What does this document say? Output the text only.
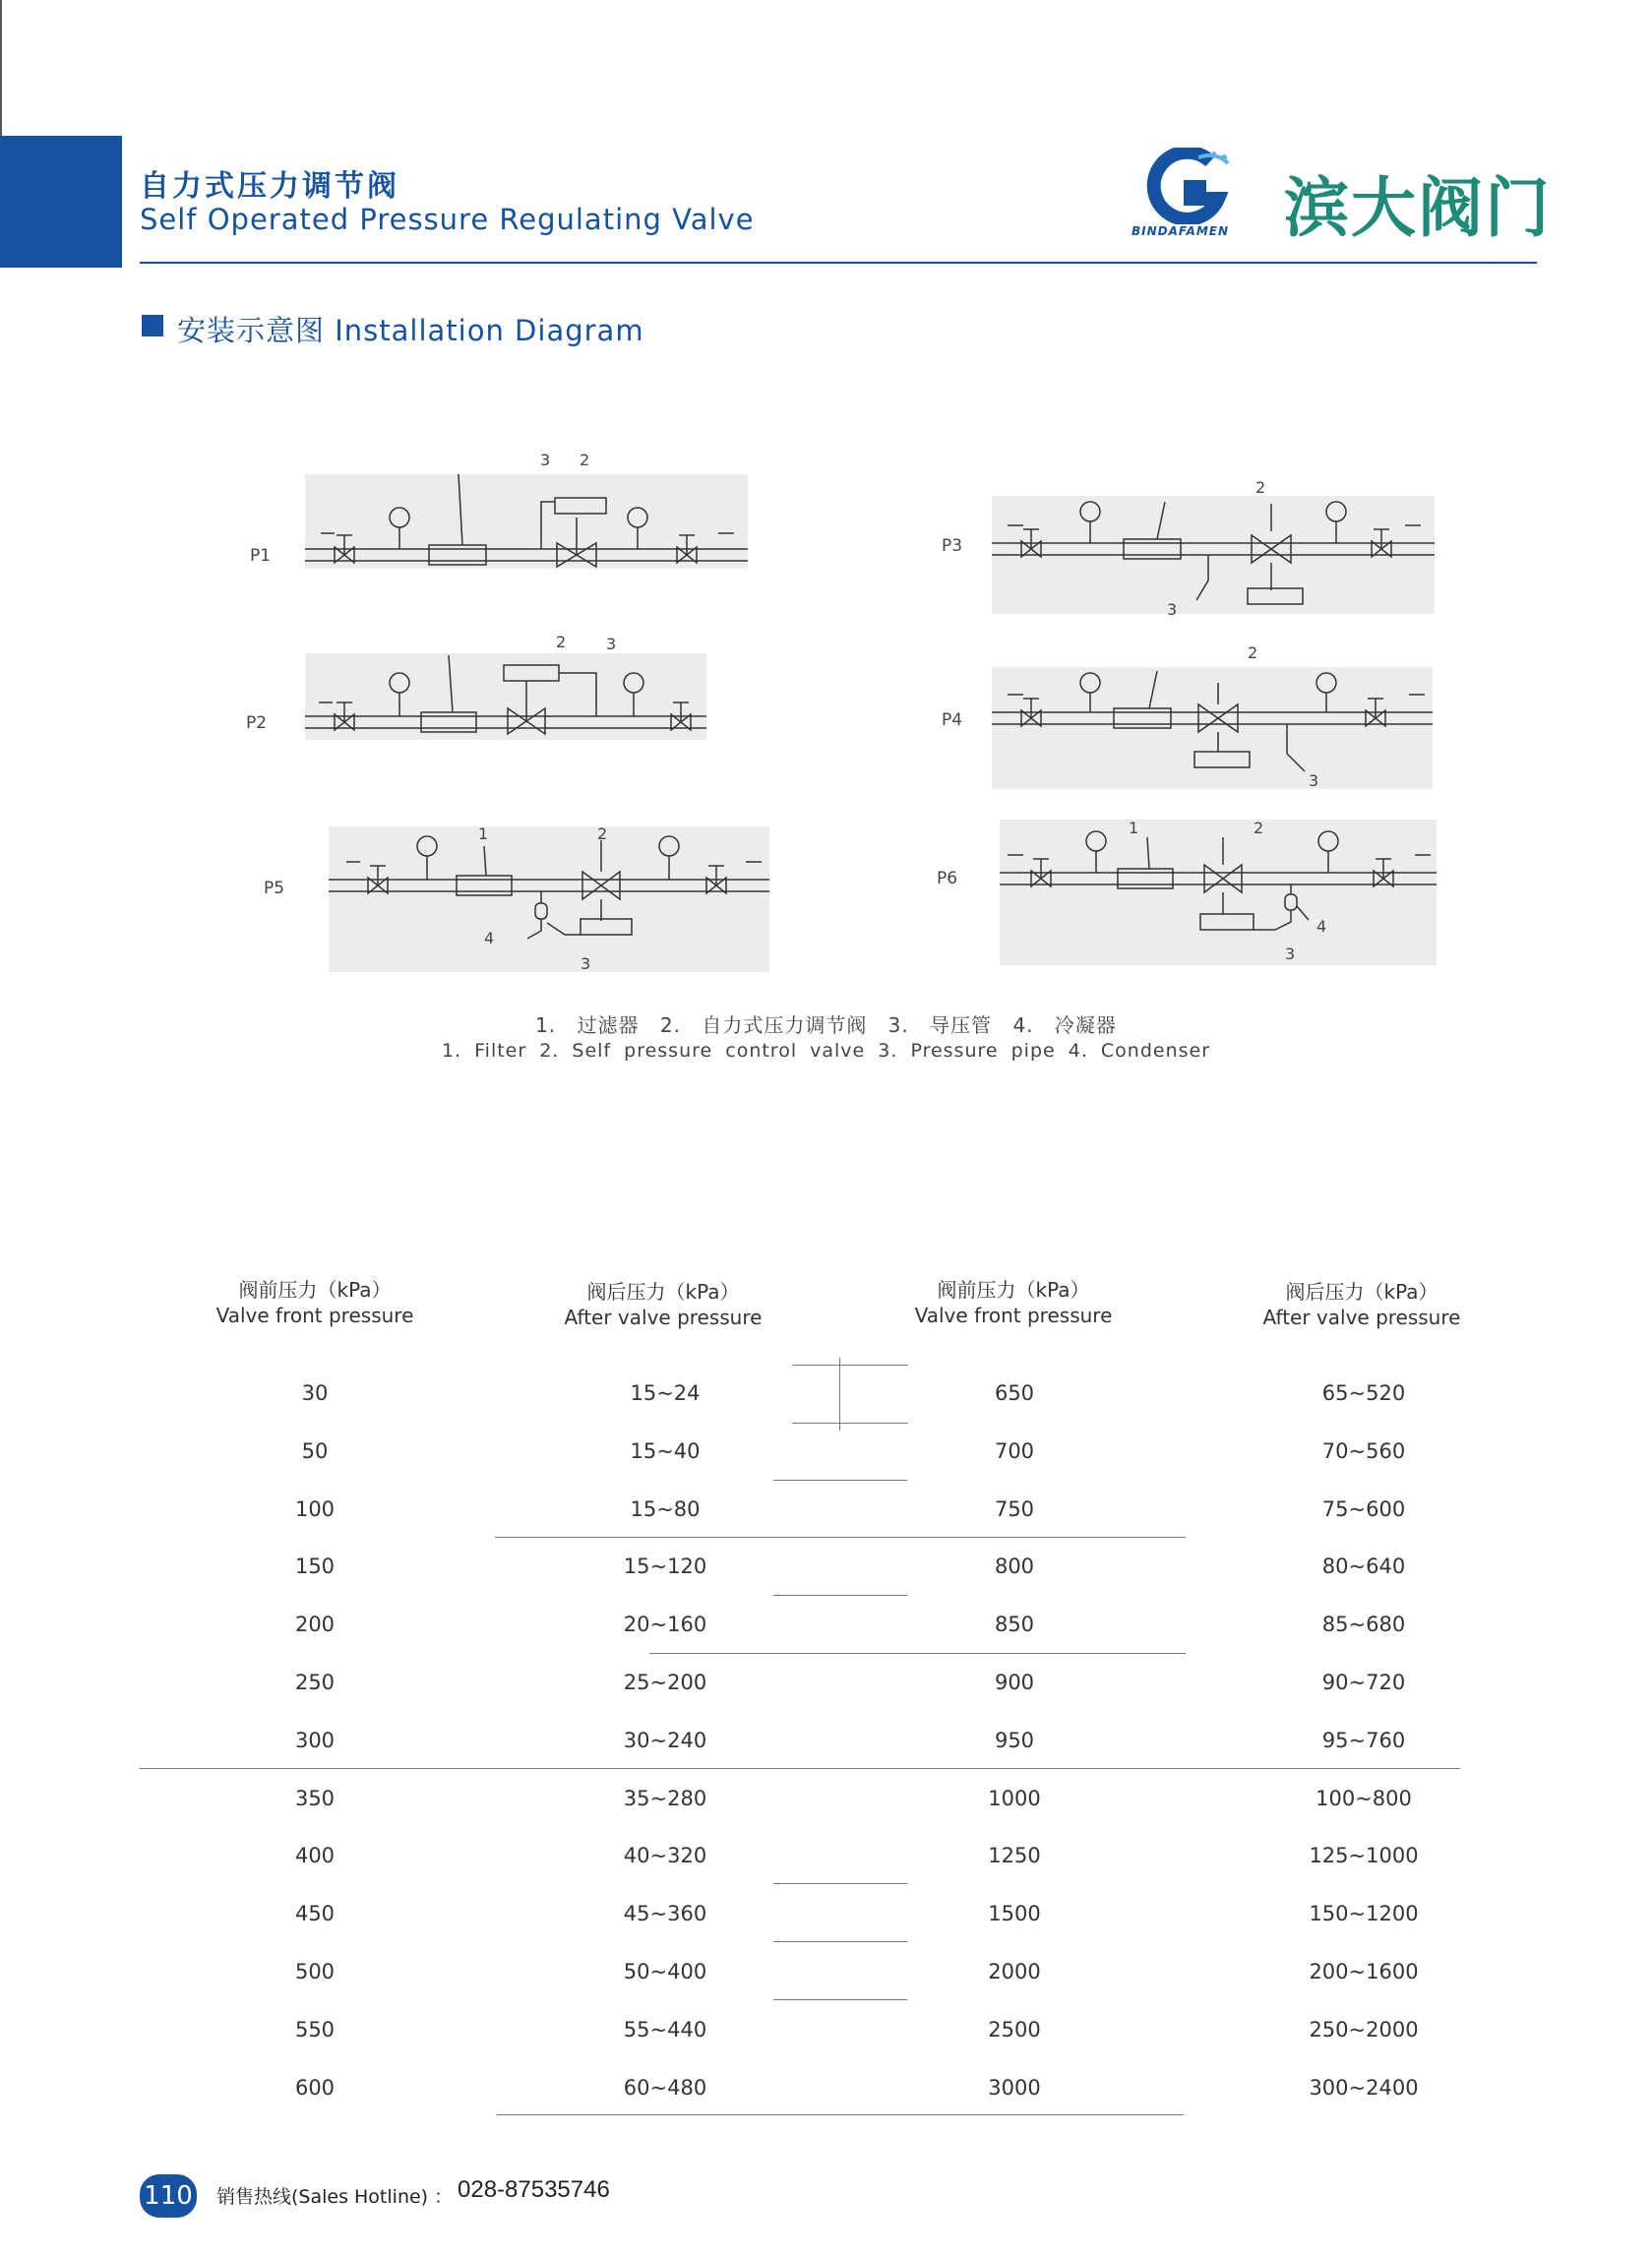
自力式压力调节阀
Self Operated Pressure Regulating Valve	BINDAFAMEN 滨大阀门
安装示意图 Installation Diagram
P1
3 2
P3
2
3
P2
2	3
P4
2
3
P5
1	2
4
3
P6
1	2
4
3
1. 过滤器 2. 自力式压力调节阀 3. 导压管 4. 冷凝器
1. Filter 2. Self pressure control valve 3. Pressure pipe 4. Condenser
阀前压力（kPa）
Valve front pressure
阀后压力（kPa）
After valve pressure
阀前压力（kPa）
Valve front pressure
阀后压力（kPa）
After valve pressure
30	15~24	650	65~520
50	15~40	700	70~560
100	15~80	750	75~600
150	15~120	800	80~640
200	20~160	850	85~680
250	25~200	900	90~720
300	30~240	950	95~760
350	35~280	1000	100~800
400	40~320	1250	125~1000
450	45~360	1500	150~1200
500	50~400	2000	200~1600
550	55~440	2500	250~2000
600	60~480	3000	300~2400
110 销售热线(Sales Hotline) ： 028-87535746
